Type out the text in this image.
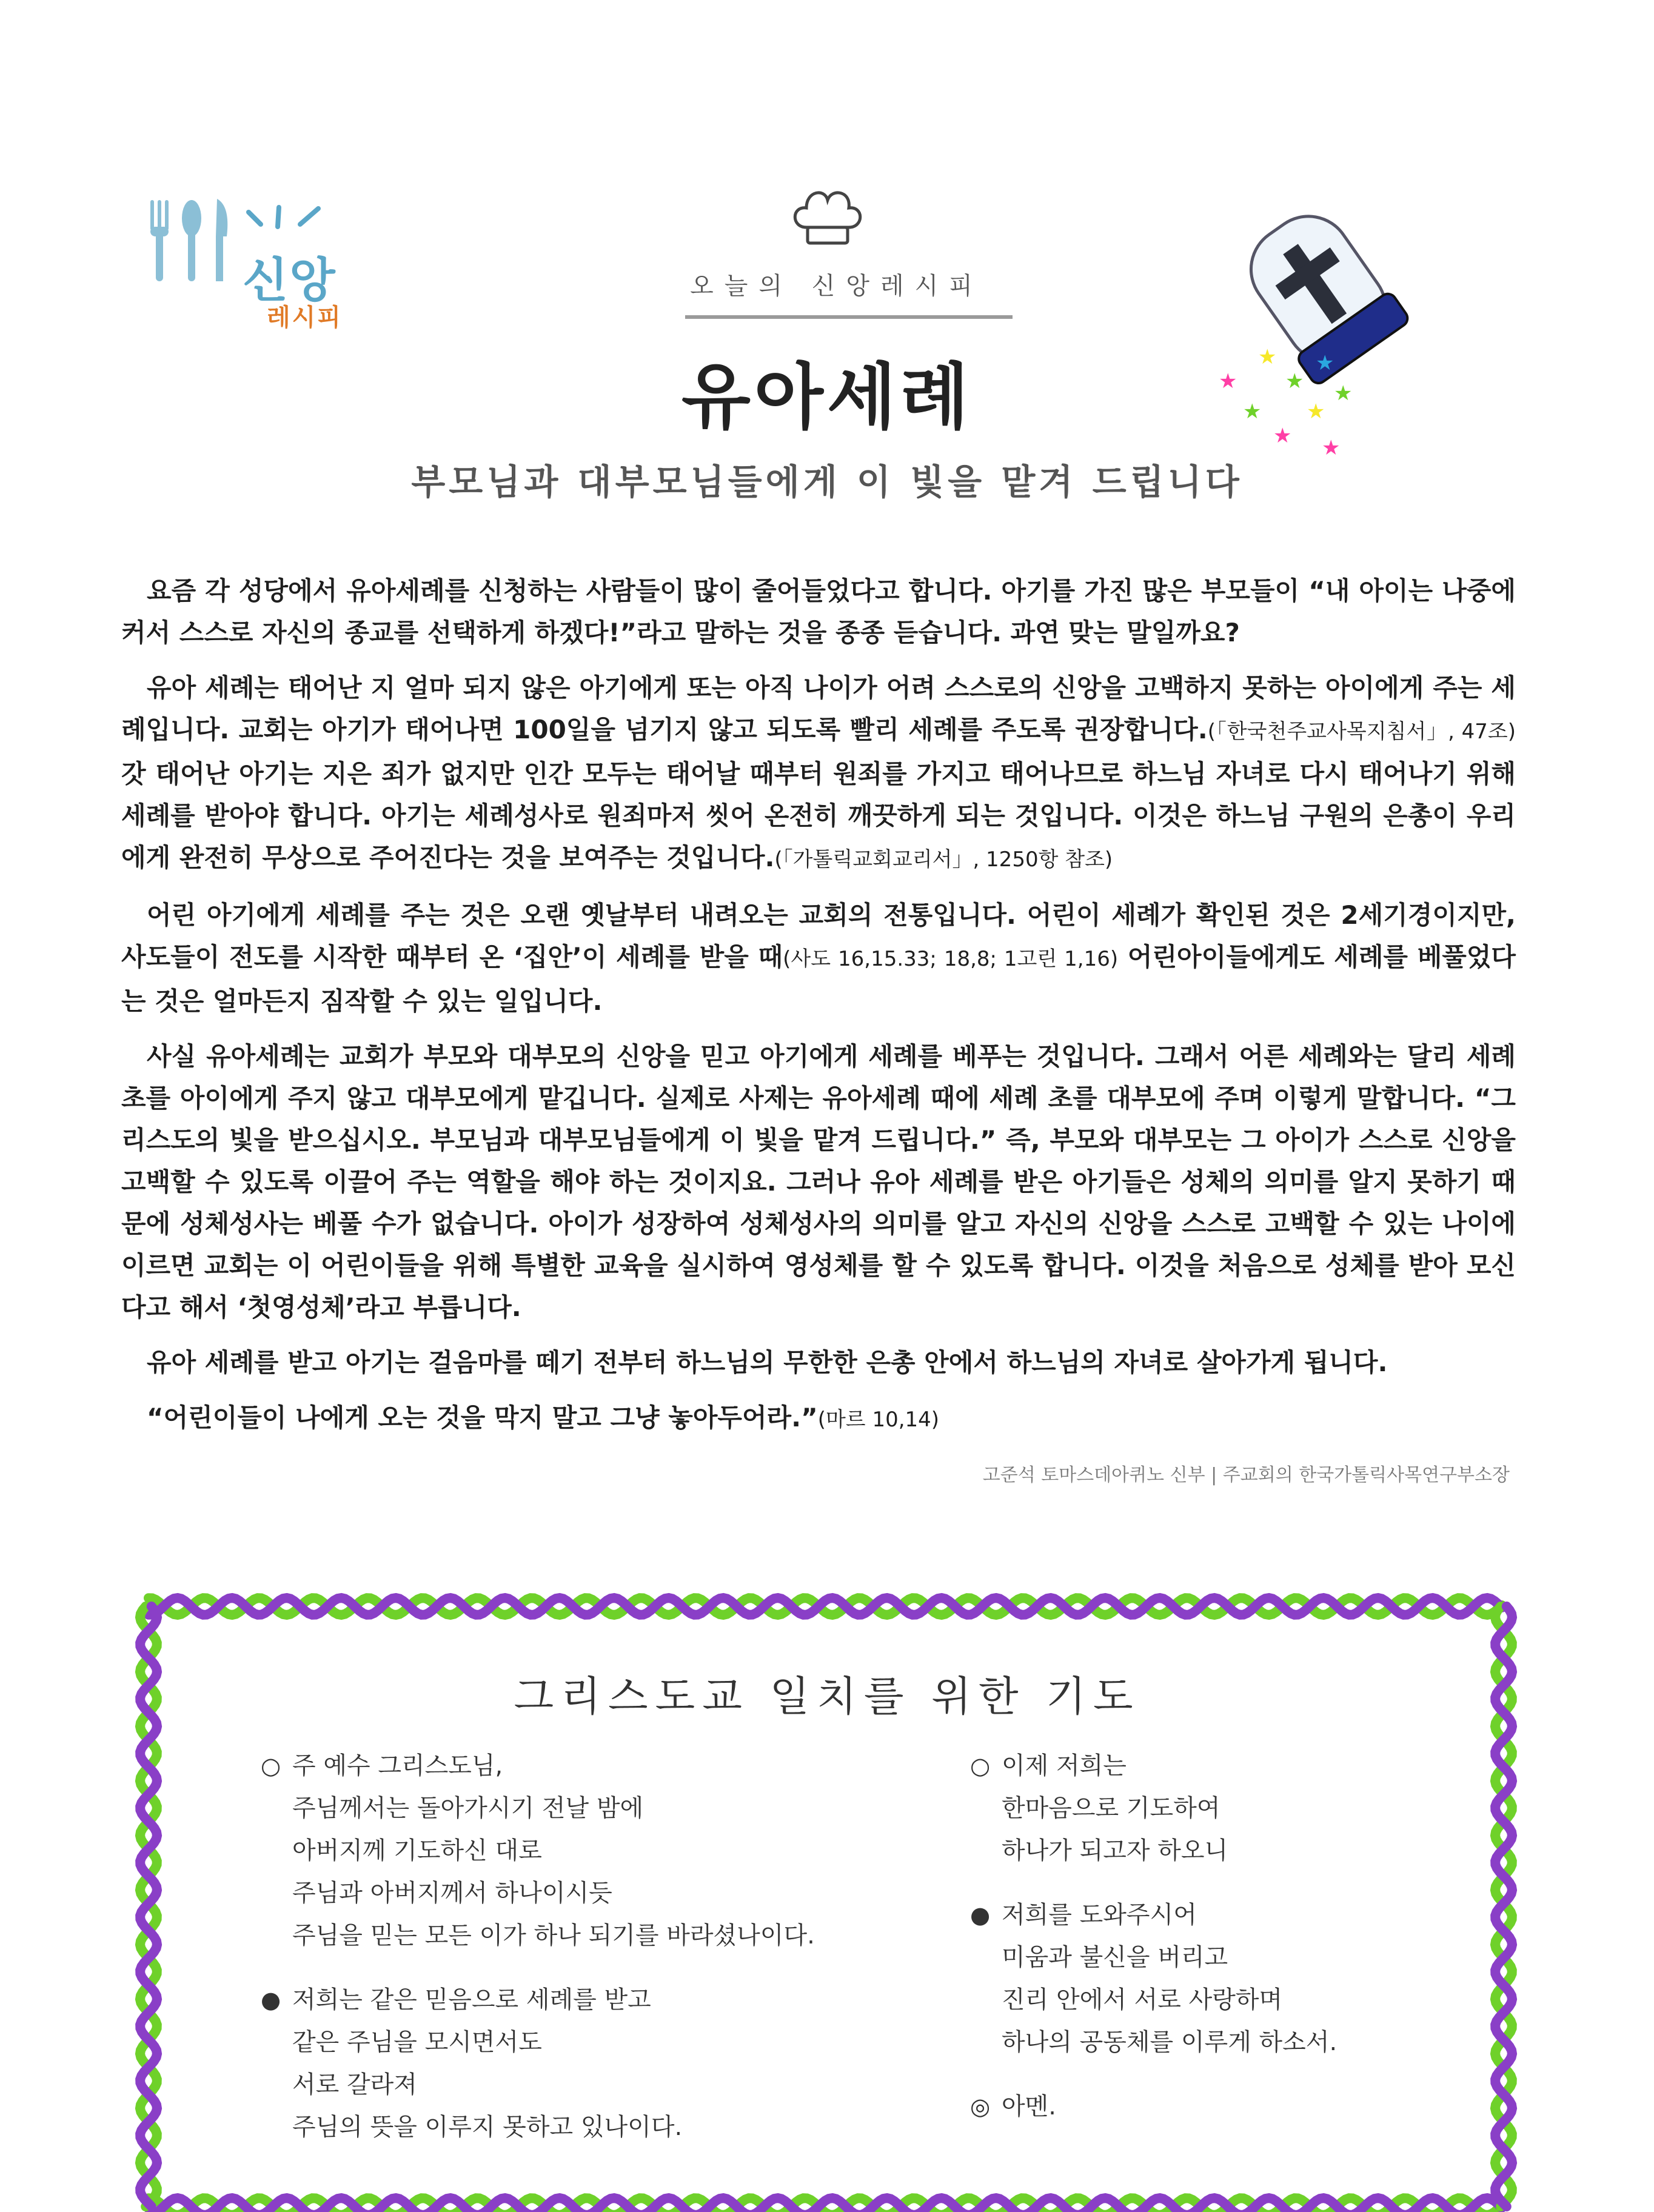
신앙
레시피
오늘의 신앙레시피
★
★
★
★
★
★
★
★
★
유아세례
부모님과 대부모님들에게 이 빛을 맡겨 드립니다

요즘 각 성당에서 유아세례를 신청하는 사람들이 많이 줄어들었다고 합니다. 아기를 가진 많은 부모들이 “내 아이는 나중에 커서 스스로 자신의 종교를 선택하게 하겠다!”라고 말하는 것을 종종 듣습니다. 과연 맞는 말일까요?

유아 세례는 태어난 지 얼마 되지 않은 아기에게 또는 아직 나이가 어려 스스로의 신앙을 고백하지 못하는 아이에게 주는 세례입니다. 교회는 아기가 태어나면 100일을 넘기지 않고 되도록 빨리 세례를 주도록 권장합니다.(「한국천주교사목지침서」, 47조) 갓 태어난 아기는 지은 죄가 없지만 인간 모두는 태어날 때부터 원죄를 가지고 태어나므로 하느님 자녀로 다시 태어나기 위해 세례를 받아야 합니다. 아기는 세례성사로 원죄마저 씻어 온전히 깨끗하게 되는 것입니다. 이것은 하느님 구원의 은총이 우리에게 완전히 무상으로 주어진다는 것을 보여주는 것입니다.(「가톨릭교회교리서」, 1250항 참조)

어린 아기에게 세례를 주는 것은 오랜 옛날부터 내려오는 교회의 전통입니다. 어린이 세례가 확인된 것은 2세기경이지만, 사도들이 전도를 시작한 때부터 온 ‘집안’이 세례를 받을 때(사도 16,15.33; 18,8; 1고린 1,16) 어린아이들에게도 세례를 베풀었다는 것은 얼마든지 짐작할 수 있는 일입니다.

사실 유아세례는 교회가 부모와 대부모의 신앙을 믿고 아기에게 세례를 베푸는 것입니다. 그래서 어른 세례와는 달리 세례 초를 아이에게 주지 않고 대부모에게 맡깁니다. 실제로 사제는 유아세례 때에 세례 초를 대부모에 주며 이렇게 말합니다. “그리스도의 빛을 받으십시오. 부모님과 대부모님들에게 이 빛을 맡겨 드립니다.” 즉, 부모와 대부모는 그 아이가 스스로 신앙을 고백할 수 있도록 이끌어 주는 역할을 해야 하는 것이지요. 그러나 유아 세례를 받은 아기들은 성체의 의미를 알지 못하기 때문에 성체성사는 베풀 수가 없습니다. 아이가 성장하여 성체성사의 의미를 알고 자신의 신앙을 스스로 고백할 수 있는 나이에 이르면 교회는 이 어린이들을 위해 특별한 교육을 실시하여 영성체를 할 수 있도록 합니다. 이것을 처음으로 성체를 받아 모신다고 해서 ‘첫영성체’라고 부릅니다.

유아 세례를 받고 아기는 걸음마를 떼기 전부터 하느님의 무한한 은총 안에서 하느님의 자녀로 살아가게 됩니다.

“어린이들이 나에게 오는 것을 막지 말고 그냥 놓아두어라.”(마르 10,14)

고준석 토마스데아퀴노 신부 | 주교회의 한국가톨릭사목연구부소장
그리스도교 일치를 위한 기도
○ 주 예수 그리스도님,
주님께서는 돌아가시기 전날 밤에
아버지께 기도하신 대로
주님과 아버지께서 하나이시듯
주님을 믿는 모든 이가 하나 되기를 바라셨나이다.
● 저희는 같은 믿음으로 세례를 받고
같은 주님을 모시면서도
서로 갈라져
주님의 뜻을 이루지 못하고 있나이다.
○ 이제 저희는
한마음으로 기도하여
하나가 되고자 하오니
● 저희를 도와주시어
미움과 불신을 버리고
진리 안에서 서로 사랑하며
하나의 공동체를 이루게 하소서.
◎ 아멘.
